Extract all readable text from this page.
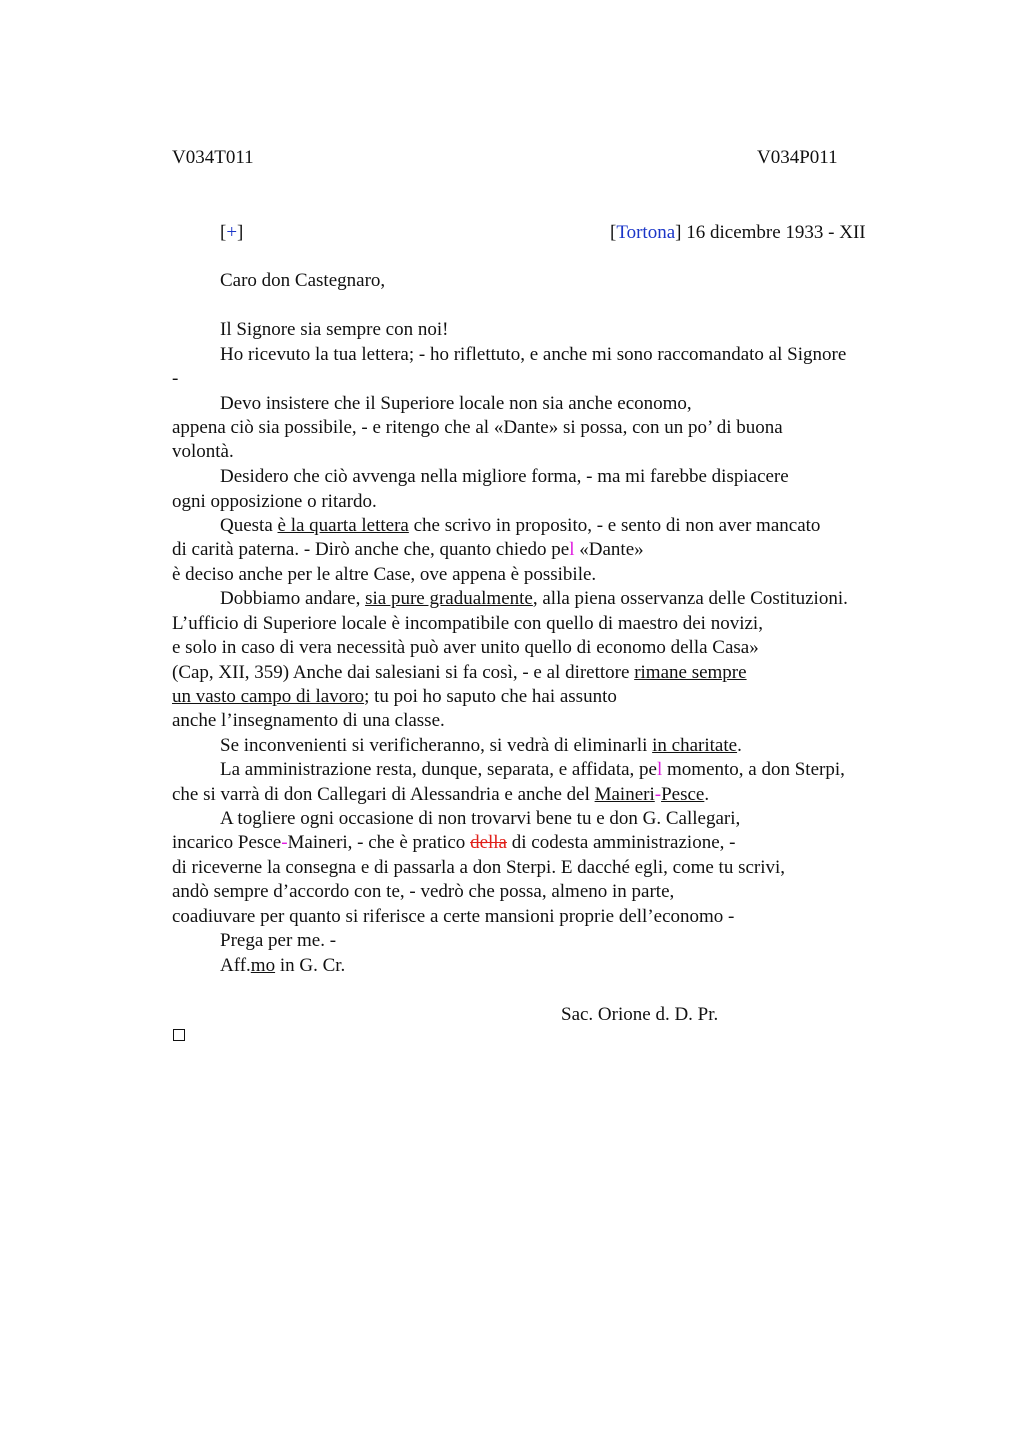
V034T011	V034P011
[+]	[Tortona] 16 dicembre 1933 - XII
Caro don Castegnaro,
Il Signore sia sempre con noi!
Ho ricevuto la tua lettera; - ho riflettuto, e anche mi sono raccomandato al Signore
-
Devo insistere che il Superiore locale non sia anche economo,
appena ciò sia possibile, - e ritengo che al «Dante» si possa, con un po’ di buona
volontà.
Desidero che ciò avvenga nella migliore forma, - ma mi farebbe dispiacere
ogni opposizione o ritardo.
Questa è la quarta lettera che scrivo in proposito, - e sento di non aver mancato
di carità paterna. - Dirò anche che, quanto chiedo pel «Dante»
è deciso anche per le altre Case, ove appena è possibile.
Dobbiamo andare, sia pure gradualmente, alla piena osservanza delle Costituzioni.
L’ufficio di Superiore locale è incompatibile con quello di maestro dei novizi,
e solo in caso di vera necessità può aver unito quello di economo della Casa»
(Cap, XII, 359) Anche dai salesiani si fa così, - e al direttore rimane sempre
un vasto campo di lavoro; tu poi ho saputo che hai assunto
anche l’insegnamento di una classe.
Se inconvenienti si verificheranno, si vedrà di eliminarli in charitate.
La amministrazione resta, dunque, separata, e affidata, pel momento, a don Sterpi,
che si varrà di don Callegari di Alessandria e anche del Maineri-Pesce.
A togliere ogni occasione di non trovarvi bene tu e don G. Callegari,
incarico Pesce-Maineri, - che è pratico della di codesta amministrazione, -
di riceverne la consegna e di passarla a don Sterpi. E dacché egli, come tu scrivi,
andò sempre d’accordo con te, - vedrò che possa, almeno in parte,
coadiuvare per quanto si riferisce a certe mansioni proprie dell’economo -
Prega per me. -
Aff.mo in G. Cr.
Sac. Orione d. D. Pr.
